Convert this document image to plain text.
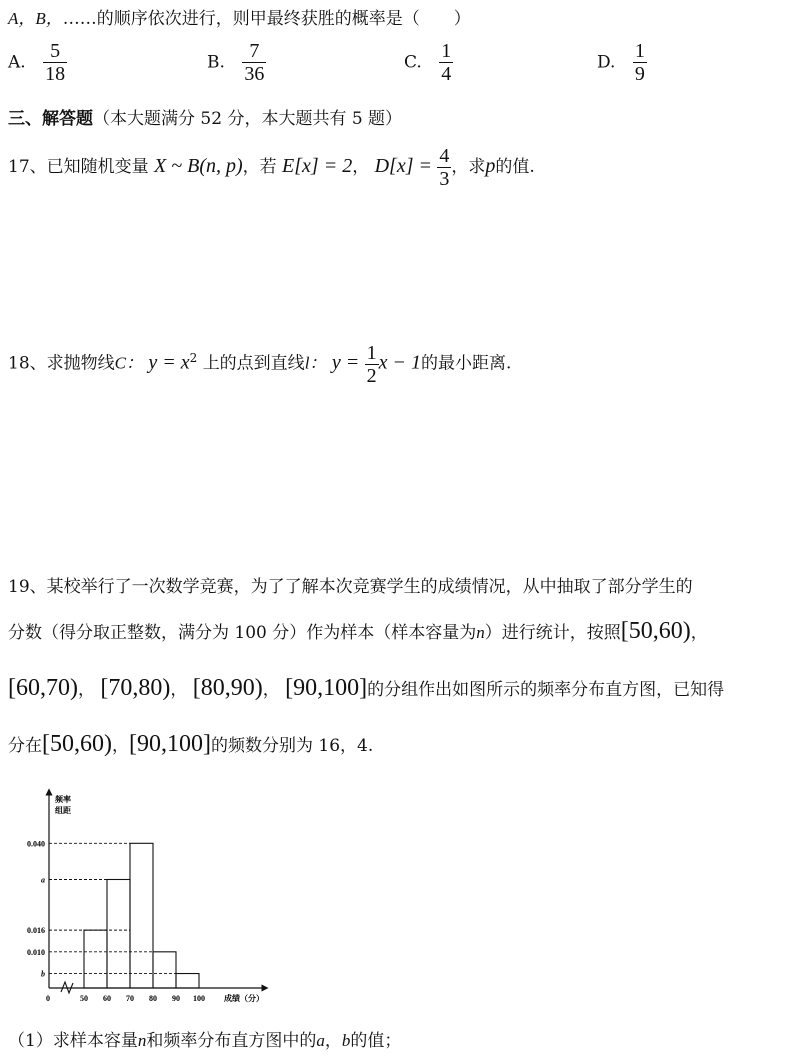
A，B，……的顺序依次进行，则甲最终获胜的概率是（　　）
A. $\frac{5}{18}$	B. $\frac{7}{36}$	C. $\frac{1}{4}$	D. $\frac{1}{9}$
三、解答题（本大题满分 52 分，本大题共有 5 题）
17、已知随机变量 X ~ B(n, p)，若 E[x] = 2， $D[x] = \frac{4}{3}$ ，求p的值.
18、求抛物线C： $y = x^2$ 上的点到直线l： $y = \frac{1}{2}$ x − 1的最小距离.
19、某校举行了一次数学竞赛，为了了解本次竞赛学生的成绩情况，从中抽取了部分学生的
分数（得分取正整数，满分为 100 分）作为样本（样本容量为n）进行统计，按照[50,60)，
[60,70)， [70,80)， [80,90)， [90,100]的分组作出如图所示的频率分布直方图，已知得
分在[50,60)，[90,100]的频数分别为 16，4.
0.040
a
0.016
0.010
b
50 60 70 80 90 100
0
频率
组距
成绩（分）
（1）求样本容量n和频率分布直方图中的a，b的值；
